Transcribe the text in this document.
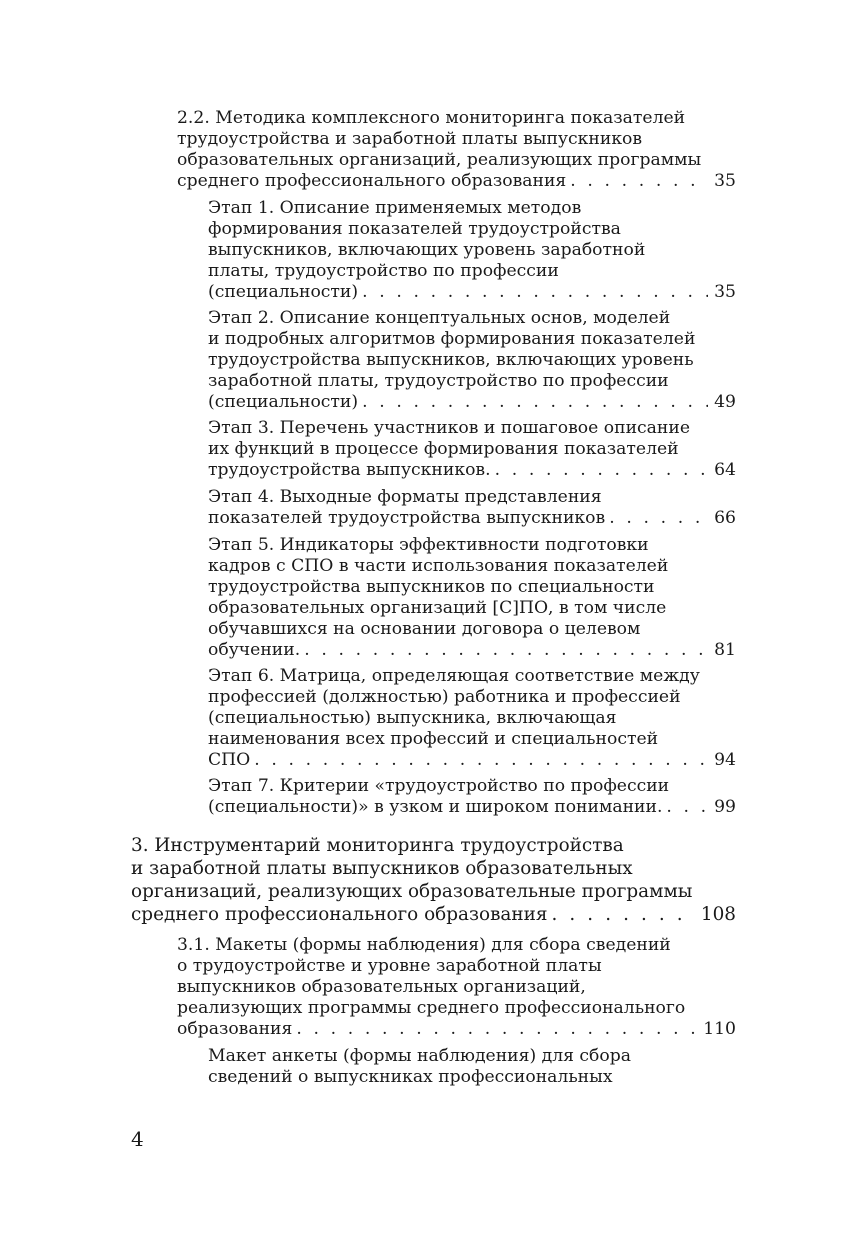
2.2. Методика комплексного мониторинга показателей
трудоустройства и заработной платы выпускников
образовательных организаций, реализующих программы
среднего профессионального образования . . .	35
Этап 1. Описание применяемых методов
формирования показателей трудоустройства
выпускников, включающих уровень заработной
платы, трудоустройство по профессии
(специальности) . . .	35
Этап 2. Описание концептуальных основ, моделей
и подробных алгоритмов формирования показателей
трудоустройства выпускников, включающих уровень
заработной платы, трудоустройство по профессии
(специальности) . . .	49
Этап 3. Перечень участников и пошаговое описание
их функций в процессе формирования показателей
трудоустройства выпускников. . . .	64
Этап 4. Выходные форматы представления
показателей трудоустройства выпускников . . .	66
Этап 5. Индикаторы эффективности подготовки
кадров с СПО в части использования показателей
трудоустройства выпускников по специальности
образовательных организаций [С]ПО, в том числе
обучавшихся на основании договора о целевом
обучении. . . .	81
Этап 6. Матрица, определяющая соответствие между
профессией (должностью) работника и профессией
(специальностью) выпускника, включающая
наименования всех профессий и специальностей
СПО . . .	94
Этап 7. Критерии «трудоустройство по профессии
(специальности)» в узком и широком понимании. . . .	99
3. Инструментарий мониторинга трудоустройства
и заработной платы выпускников образовательных
организаций, реализующих образовательные программы
среднего профессионального образования . . .	108
3.1. Макеты (формы наблюдения) для сбора сведений
о трудоустройстве и уровне заработной платы
выпускников образовательных организаций,
реализующих программы среднего профессионального
образования . . .	110
Макет анкеты (формы наблюдения) для сбора
сведений о выпускниках профессиональных
4
